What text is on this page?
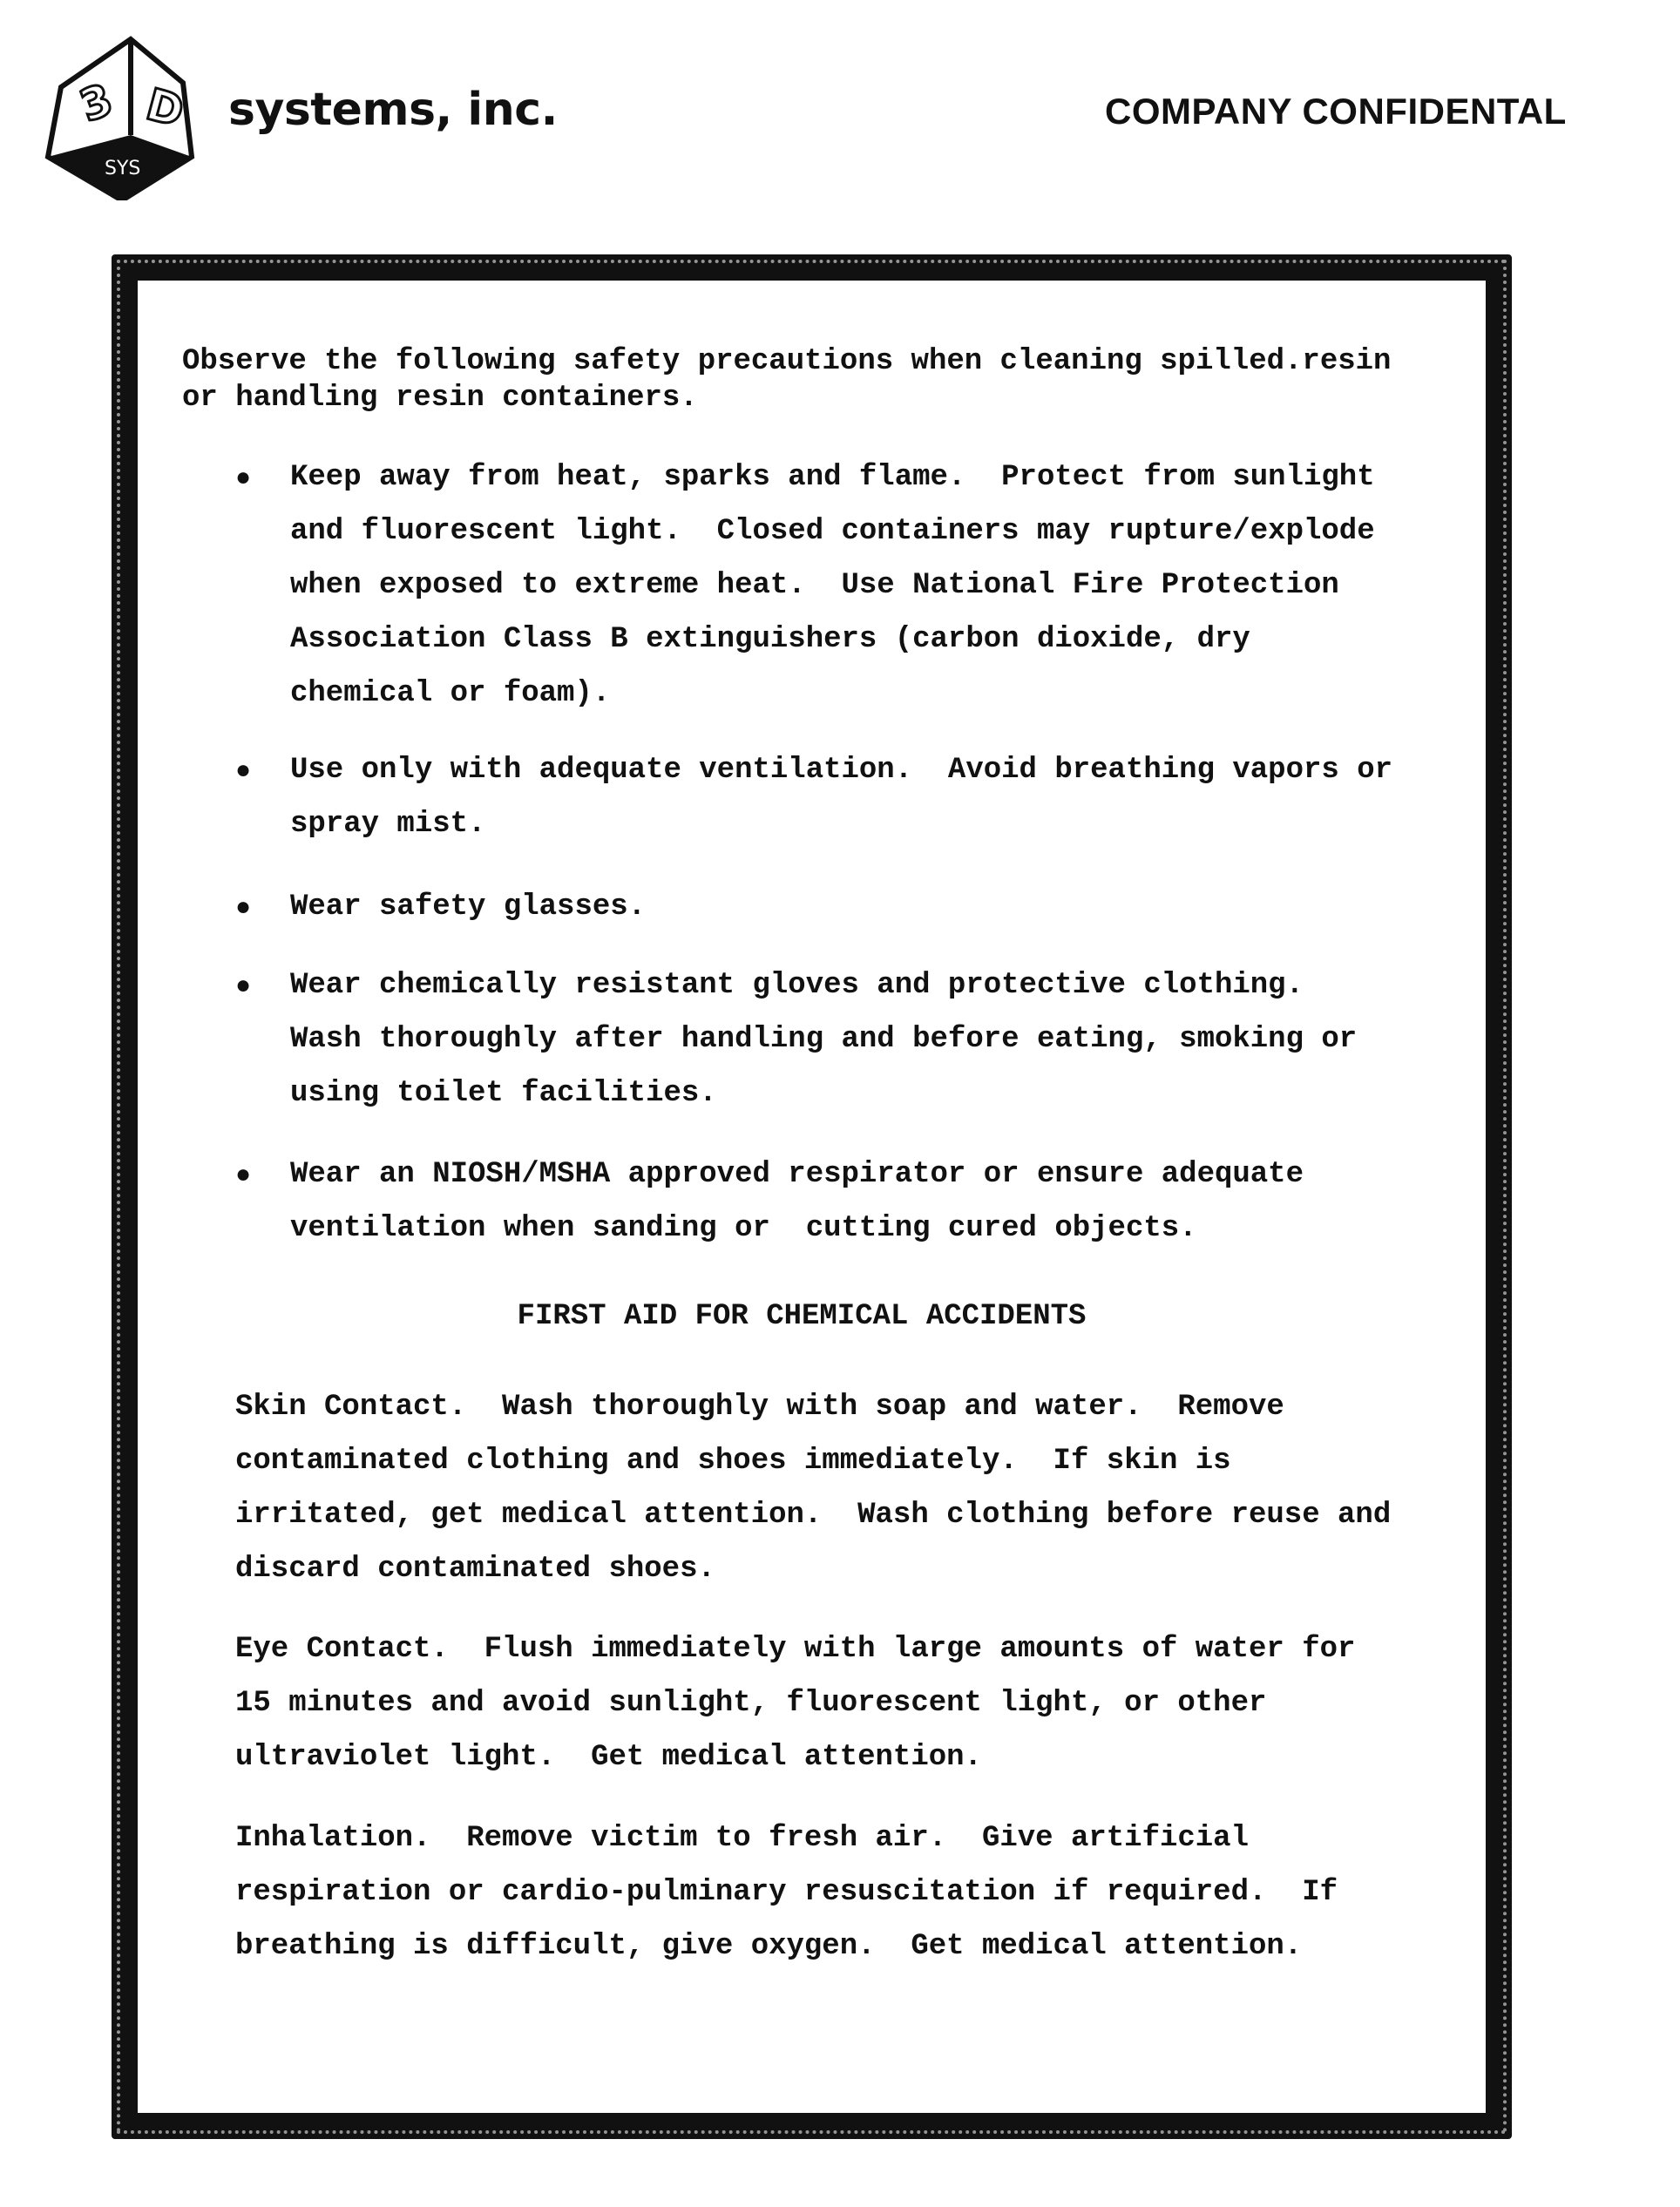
3 D
SYS
systems, inc.	COMPANY CONFIDENTAL
Observe the following safety precautions when cleaning spilled.resin
or handling resin containers.
● Keep away from heat, sparks and flame.  Protect from sunlight
and fluorescent light.  Closed containers may rupture/explode
when exposed to extreme heat.  Use National Fire Protection
Association Class B extinguishers (carbon dioxide, dry
chemical or foam).
● Use only with adequate ventilation.  Avoid breathing vapors or
spray mist.
● Wear safety glasses.
● Wear chemically resistant gloves and protective clothing.
Wash thoroughly after handling and before eating, smoking or
using toilet facilities.
● Wear an NIOSH/MSHA approved respirator or ensure adequate
ventilation when sanding or  cutting cured objects.
FIRST AID FOR CHEMICAL ACCIDENTS
Skin Contact.  Wash thoroughly with soap and water.  Remove
contaminated clothing and shoes immediately.  If skin is
irritated, get medical attention.  Wash clothing before reuse and
discard contaminated shoes.
Eye Contact.  Flush immediately with large amounts of water for
15 minutes and avoid sunlight, fluorescent light, or other
ultraviolet light.  Get medical attention.
Inhalation.  Remove victim to fresh air.  Give artificial
respiration or cardio-pulminary resuscitation if required.  If
breathing is difficult, give oxygen.  Get medical attention.
